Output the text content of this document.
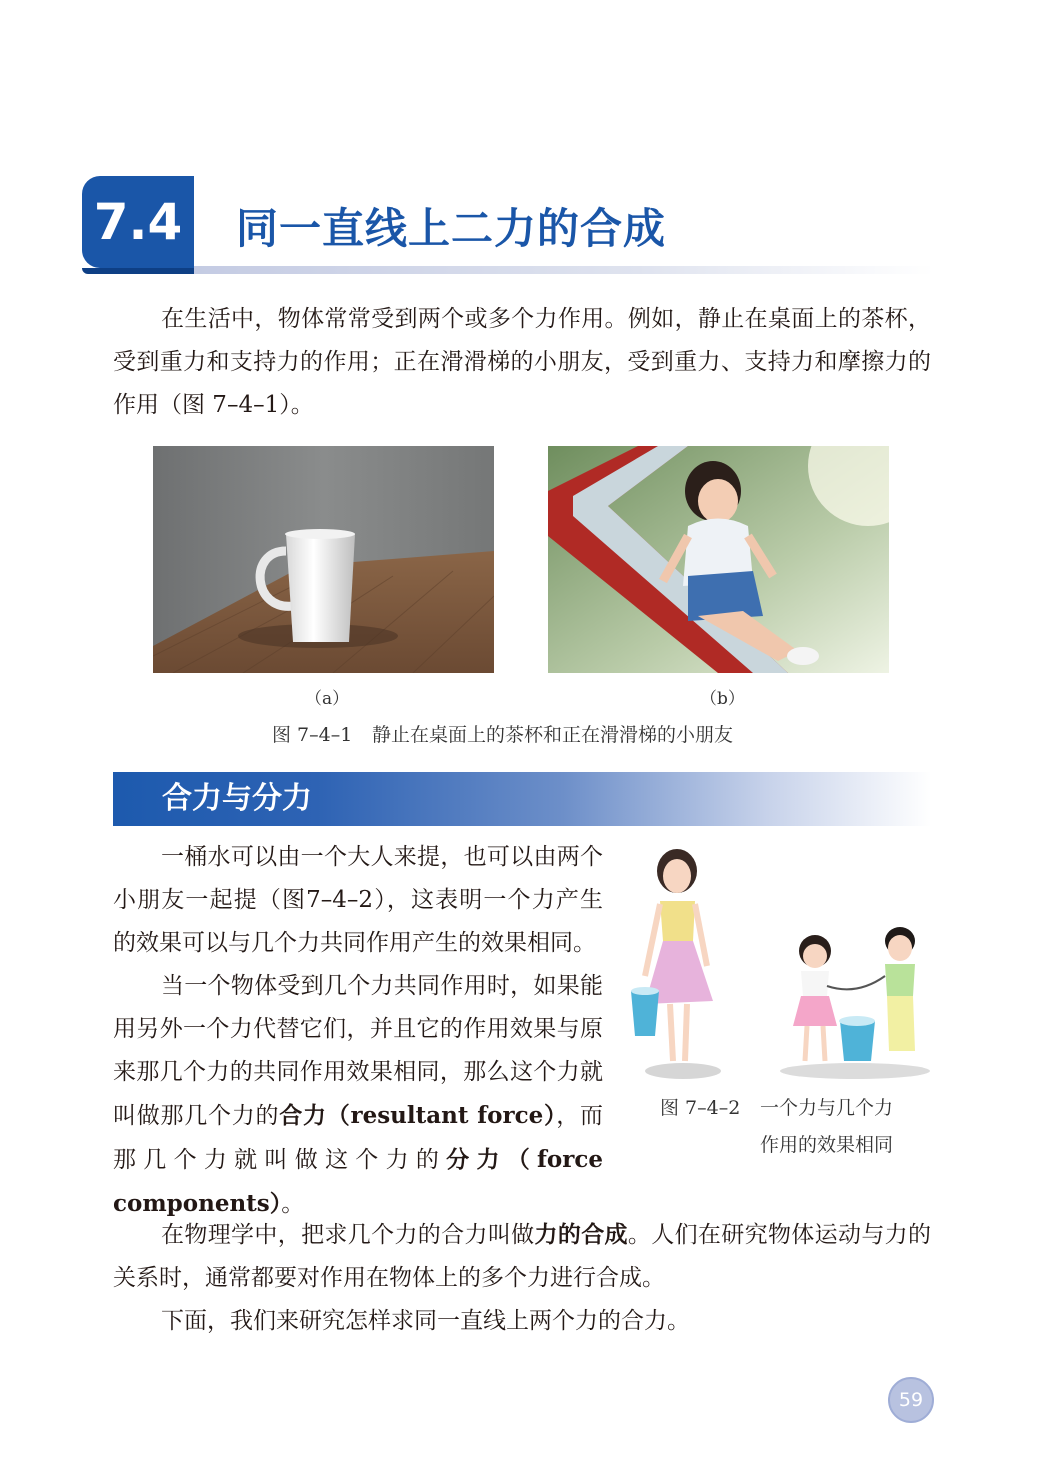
7.4 同一直线上二力的合成
在生活中，物体常常受到两个或多个力作用。例如，静止在桌面上的茶杯，受到重力和支持力的作用；正在滑滑梯的小朋友，受到重力、支持力和摩擦力的作用（图 7–4–1）。
（a）	（b）
图 7–4–1 静止在桌面上的茶杯和正在滑滑梯的小朋友
合力与分力
一桶水可以由一个大人来提，也可以由两个小朋友一起提（图7–4–2），这表明一个力产生的效果可以与几个力共同作用产生的效果相同。
当一个物体受到几个力共同作用时，如果能用另外一个力代替它们，并且它的作用效果与原来那几个力的共同作用效果相同，那么这个力就叫做那几个力的合力（resultant force），而那几个力就叫做这个力的分力（force components）。
图 7–4–2 一个力与几个力
作用的效果相同
在物理学中，把求几个力的合力叫做力的合成。人们在研究物体运动与力的关系时，通常都要对作用在物体上的多个力进行合成。
下面，我们来研究怎样求同一直线上两个力的合力。
59
